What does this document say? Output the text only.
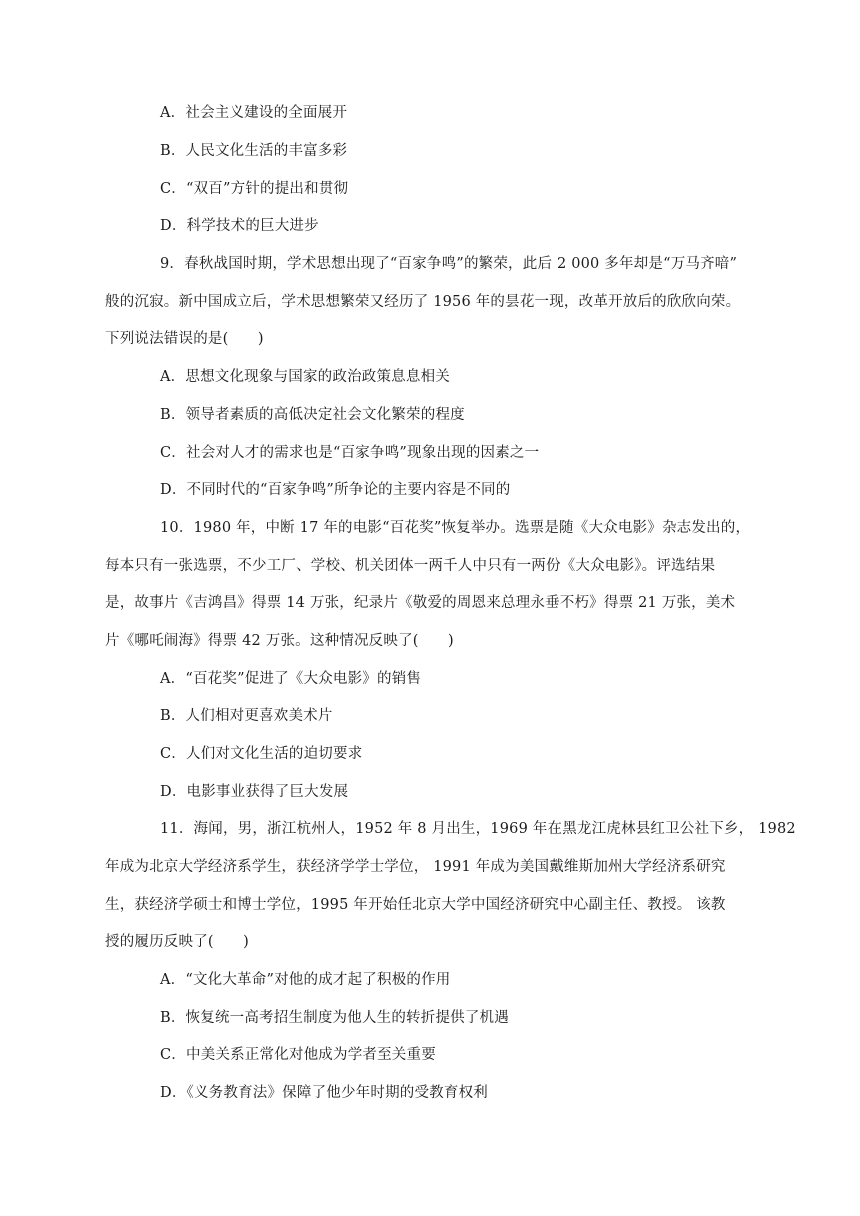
A．社会主义建设的全面展开
B．人民文化生活的丰富多彩
C．“双百”方针的提出和贯彻
D．科学技术的巨大进步
9．春秋战国时期，学术思想出现了“百家争鸣”的繁荣，此后 2 000 多年却是“万马齐喑”
般的沉寂。新中国成立后，学术思想繁荣又经历了 1956 年的昙花一现，改革开放后的欣欣向荣。
下列说法错误的是(　　)
A．思想文化现象与国家的政治政策息息相关
B．领导者素质的高低决定社会文化繁荣的程度
C．社会对人才的需求也是“百家争鸣”现象出现的因素之一
D．不同时代的“百家争鸣”所争论的主要内容是不同的
10．1980 年，中断 17 年的电影“百花奖”恢复举办。选票是随《大众电影》杂志发出的，
每本只有一张选票，不少工厂、学校、机关团体一两千人中只有一两份《大众电影》。评选结果
是，故事片《吉鸿昌》得票 14 万张，纪录片《敬爱的周恩来总理永垂不朽》得票 21 万张，美术
片《哪吒闹海》得票 42 万张。这种情况反映了(　　)
A．“百花奖”促进了《大众电影》的销售
B．人们相对更喜欢美术片
C．人们对文化生活的迫切要求
D．电影事业获得了巨大发展
11．海闻，男，浙江杭州人，1952 年 8 月出生，1969 年在黑龙江虎林县红卫公社下乡， 1982
年成为北京大学经济系学生，获经济学学士学位， 1991 年成为美国戴维斯加州大学经济系研究
生，获经济学硕士和博士学位，1995 年开始任北京大学中国经济研究中心副主任、教授。 该教
授的履历反映了(　　)
A．“文化大革命”对他的成才起了积极的作用
B．恢复统一高考招生制度为他人生的转折提供了机遇
C．中美关系正常化对他成为学者至关重要
D．《义务教育法》保障了他少年时期的受教育权利
